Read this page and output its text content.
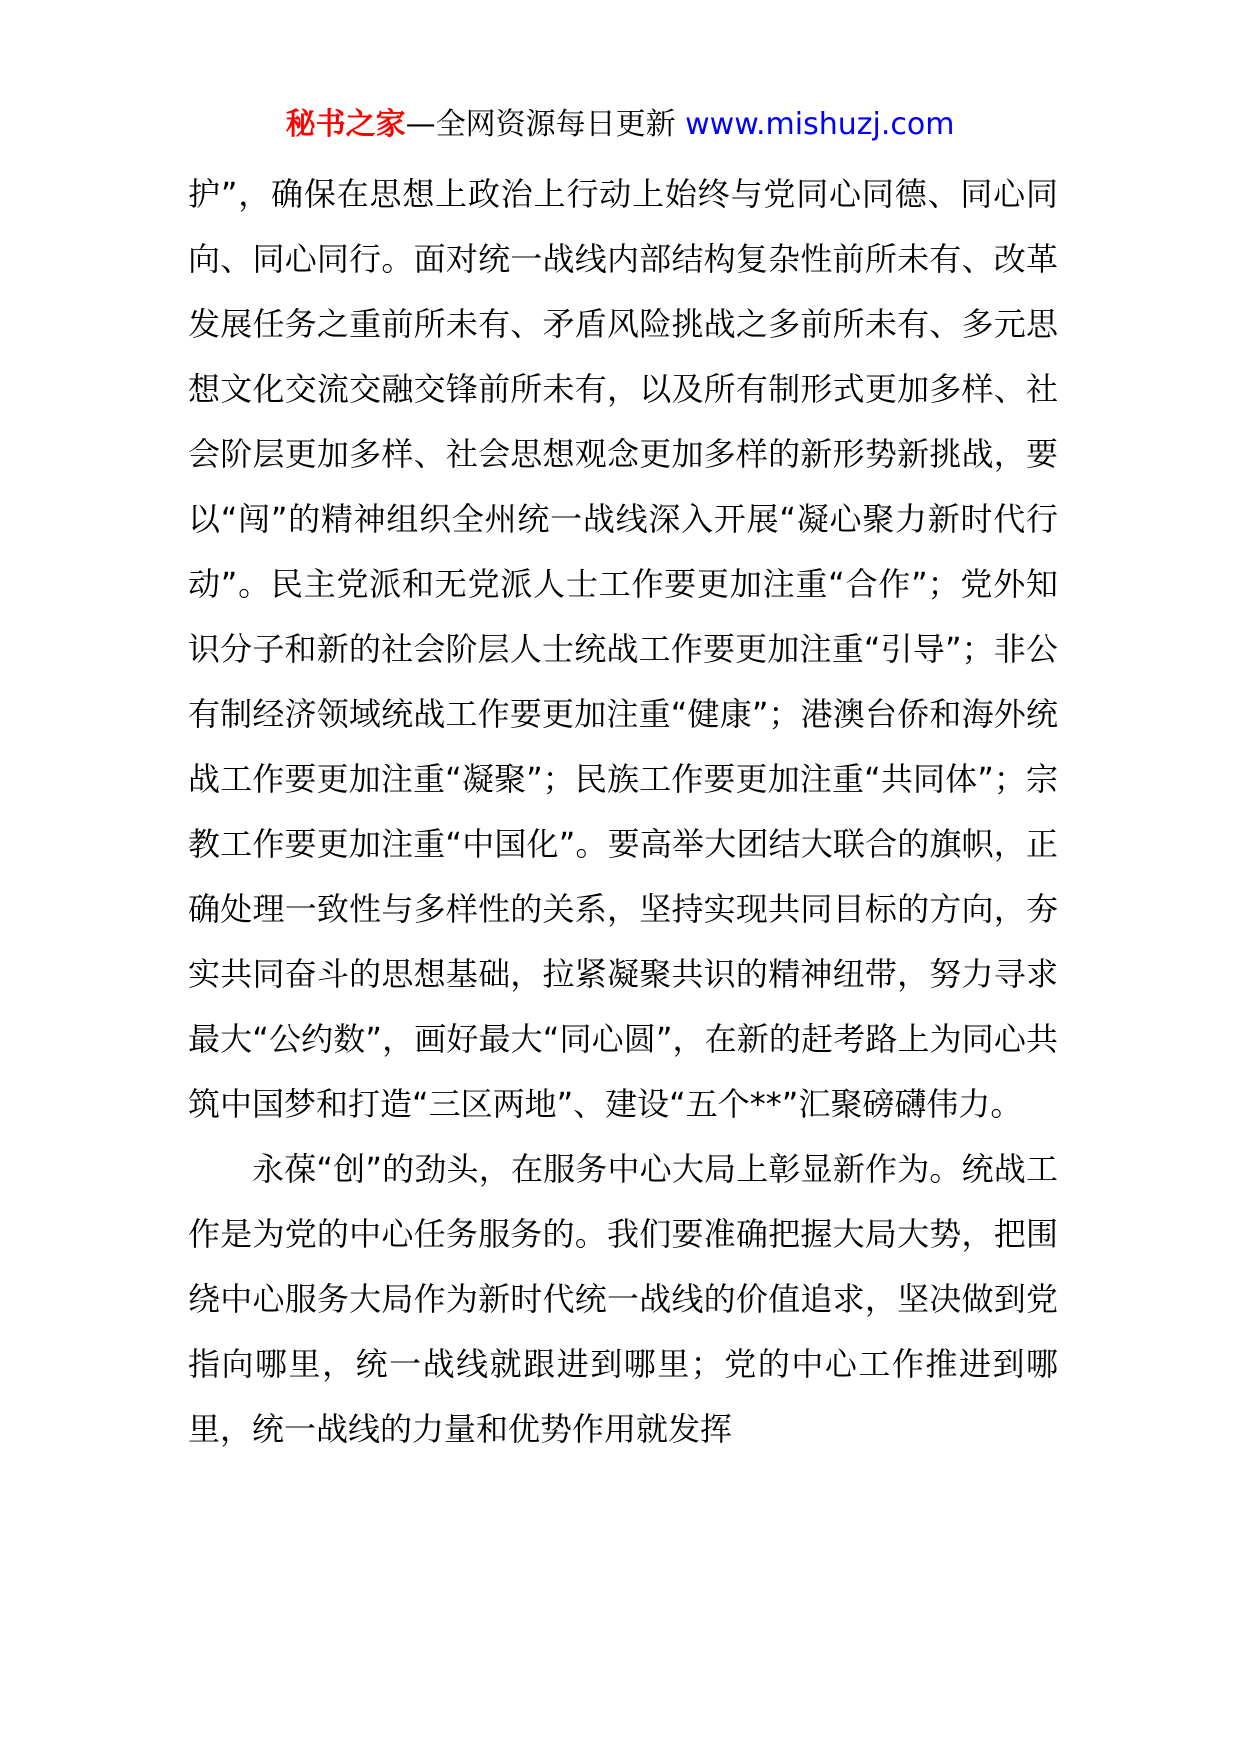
秘书之家—全网资源每日更新 www.mishuzj.com

护”，确保在思想上政治上行动上始终与党同心同德、同心同向、同心同行。面对统一战线内部结构复杂性前所未有、改革发展任务之重前所未有、矛盾风险挑战之多前所未有、多元思想文化交流交融交锋前所未有，以及所有制形式更加多样、社会阶层更加多样、社会思想观念更加多样的新形势新挑战，要以“闯”的精神组织全州统一战线深入开展“凝心聚力新时代行动”。民主党派和无党派人士工作要更加注重“合作”；党外知识分子和新的社会阶层人士统战工作要更加注重“引导”；非公有制经济领域统战工作要更加注重“健康”；港澳台侨和海外统战工作要更加注重“凝聚”；民族工作要更加注重“共同体”；宗教工作要更加注重“中国化”。要高举大团结大联合的旗帜，正确处理一致性与多样性的关系，坚持实现共同目标的方向，夯实共同奋斗的思想基础，拉紧凝聚共识的精神纽带，努力寻求最大“公约数”，画好最大“同心圆”，在新的赶考路上为同心共筑中国梦和打造“三区两地”、建设“五个**”汇聚磅礴伟力。

永葆“创”的劲头，在服务中心大局上彰显新作为。统战工作是为党的中心任务服务的。我们要准确把握大局大势，把围绕中心服务大局作为新时代统一战线的价值追求，坚决做到党指向哪里，统一战线就跟进到哪里；党的中心工作推进到哪里，统一战线的力量和优势作用就发挥
